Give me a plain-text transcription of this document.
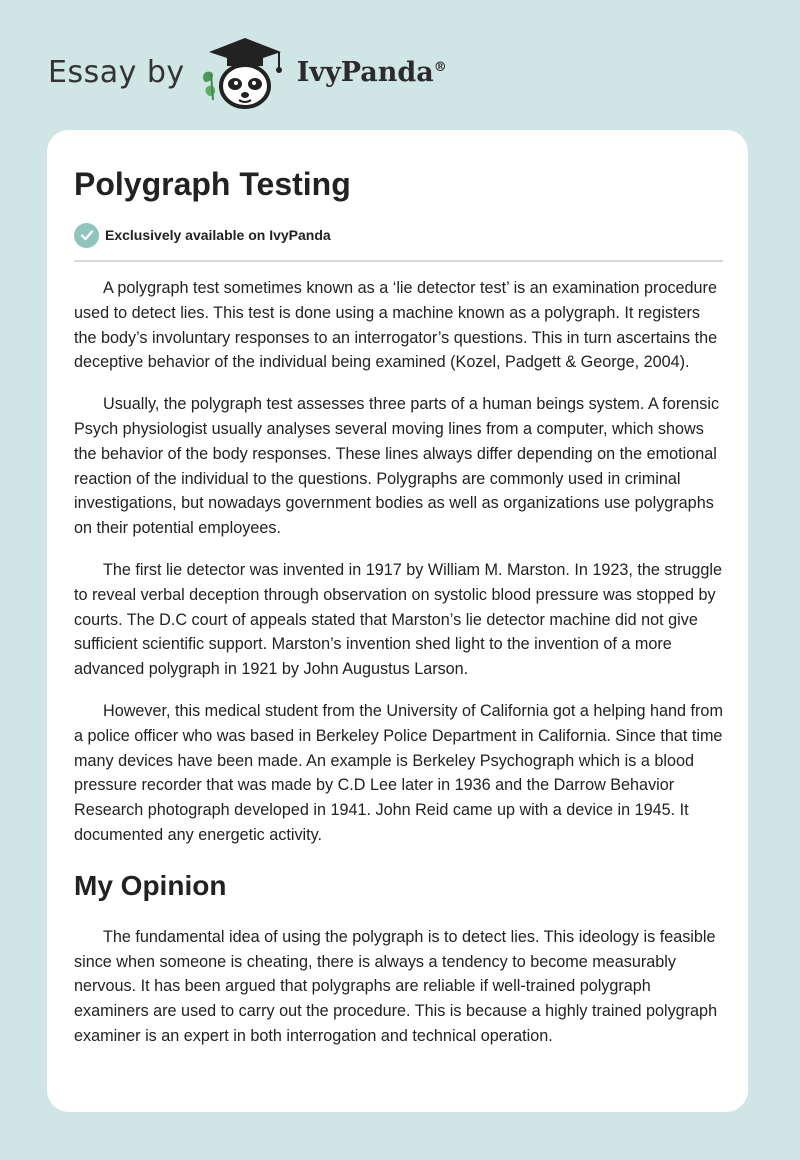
Essay by	IvyPanda®
Polygraph Testing
Exclusively available on IvyPanda

A polygraph test sometimes known as a ‘lie detector test’ is an examination procedure used to detect lies. This test is done using a machine known as a polygraph. It registers the body’s involuntary responses to an interrogator’s questions. This in turn ascertains the deceptive behavior of the individual being examined (Kozel, Padgett & George, 2004).

Usually, the polygraph test assesses three parts of a human beings system. A forensic Psych physiologist usually analyses several moving lines from a computer, which shows the behavior of the body responses. These lines always differ depending on the emotional reaction of the individual to the questions. Polygraphs are commonly used in criminal investigations, but nowadays government bodies as well as organizations use polygraphs on their potential employees.

The first lie detector was invented in 1917 by William M. Marston. In 1923, the struggle to reveal verbal deception through observation on systolic blood pressure was stopped by courts. The D.C court of appeals stated that Marston’s lie detector machine did not give sufficient scientific support. Marston’s invention shed light to the invention of a more advanced polygraph in 1921 by John Augustus Larson.

However, this medical student from the University of California got a helping hand from a police officer who was based in Berkeley Police Department in California. Since that time many devices have been made. An example is Berkeley Psychograph which is a blood pressure recorder that was made by C.D Lee later in 1936 and the Darrow Behavior Research photograph developed in 1941. John Reid came up with a device in 1945. It documented any energetic activity.

My Opinion

The fundamental idea of using the polygraph is to detect lies. This ideology is feasible since when someone is cheating, there is always a tendency to become measurably nervous. It has been argued that polygraphs are reliable if well-trained polygraph examiners are used to carry out the procedure. This is because a highly trained polygraph examiner is an expert in both interrogation and technical operation.
